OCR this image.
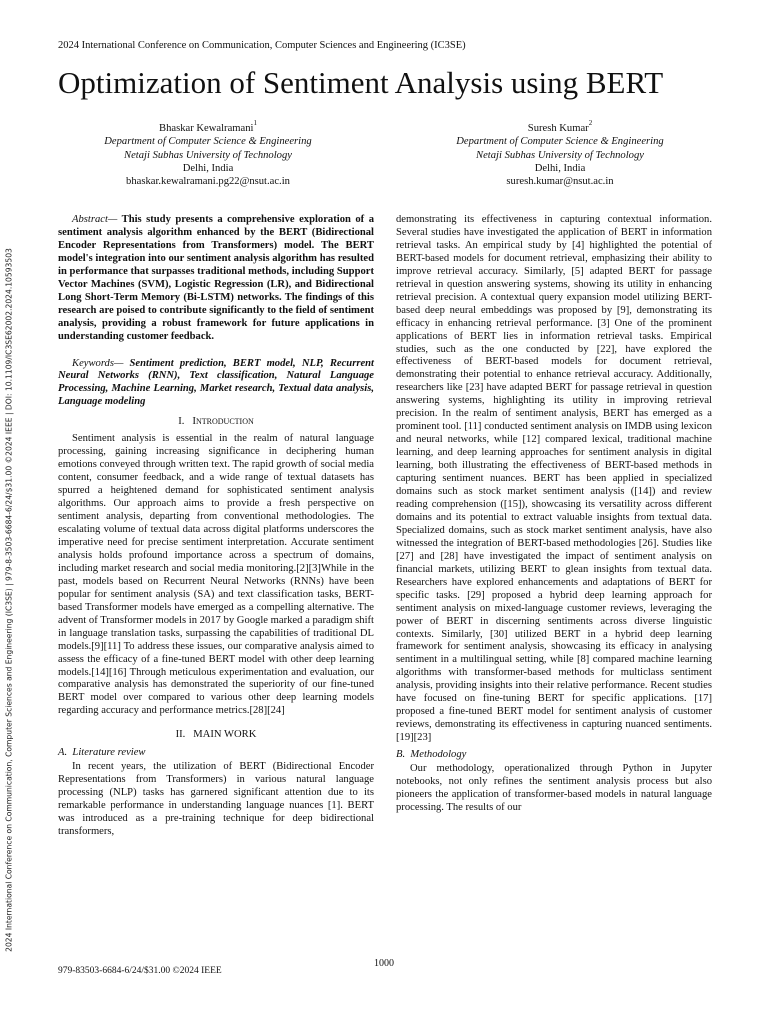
2024 International Conference on Communication, Computer Sciences and Engineering (IC3SE)
Optimization of Sentiment Analysis using BERT
Bhaskar Kewalramani$^1$
Department of Computer Science & Engineering
Netaji Subhas University of Technology
Delhi, India
bhaskar.kewalramani.pg22@nsut.ac.in
Suresh Kumar$^2$
Department of Computer Science & Engineering
Netaji Subhas University of Technology
Delhi, India
suresh.kumar@nsut.ac.in
2024 International Conference on Communication, Computer Sciences and Engineering (IC3SE) | 979-8-3503-6684-6/24/$31.00 ©2024 IEEE | DOI: 10.1109/IC3SE62002.2024.10593503

Abstract— This study presents a comprehensive exploration of a sentiment analysis algorithm enhanced by the BERT (Bidirectional Encoder Representations from Transformers) model. The BERT model's integration into our sentiment analysis algorithm has resulted in performance that surpasses traditional methods, including Support Vector Machines (SVM), Logistic Regression (LR), and Bidirectional Long Short-Term Memory (Bi-LSTM) networks. The findings of this research are poised to contribute significantly to the field of sentiment analysis, providing a robust framework for future applications in understanding customer feedback.

Keywords— Sentiment prediction, BERT model, NLP, Recurrent Neural Networks (RNN), Text classification, Natural Language Processing, Machine Learning, Market research, Textual data analysis, Language modeling

I. Introduction

Sentiment analysis is essential in the realm of natural language processing, gaining increasing significance in deciphering human emotions conveyed through written text. The rapid growth of social media content, consumer feedback, and a wide range of textual datasets has spurred a heightened demand for sophisticated sentiment analysis algorithms. Our approach aims to provide a fresh perspective on sentiment analysis, departing from conventional methodologies. The escalating volume of textual data across digital platforms underscores the imperative need for precise sentiment interpretation. Accurate sentiment analysis holds profound importance across a spectrum of domains, including market research and social media monitoring.[2][3]While in the past, models based on Recurrent Neural Networks (RNNs) have been popular for sentiment analysis (SA) and text classification tasks, BERT-based Transformer models have emerged as a compelling alternative. The advent of Transformer models in 2017 by Google marked a paradigm shift in language translation tasks, surpassing the capabilities of traditional DL models.[9][11] To address these issues, our comparative analysis aimed to assess the efficacy of a fine-tuned BERT model with other deep learning models.[14][16] Through meticulous experimentation and evaluation, our comparative analysis has demonstrated the superiority of our fine-tuned BERT model over compared to various other deep learning models regarding accuracy and performance metrics.[28][24]

II. MAIN WORK
A. Literature review

In recent years, the utilization of BERT (Bidirectional Encoder Representations from Transformers) in various natural language processing (NLP) tasks has garnered significant attention due to its remarkable performance in understanding language nuances [1]. BERT was introduced as a pre-training technique for deep bidirectional transformers,

demonstrating its effectiveness in capturing contextual information. Several studies have investigated the application of BERT in information retrieval tasks. An empirical study by [4] highlighted the potential of BERT-based models for document retrieval, emphasizing their ability to improve retrieval accuracy. Similarly, [5] adapted BERT for passage retrieval in question answering systems, showing its utility in enhancing retrieval precision. A contextual query expansion model utilizing BERT-based deep neural embeddings was proposed by [9], demonstrating its efficacy in enhancing retrieval performance. [3] One of the prominent applications of BERT lies in information retrieval tasks. Empirical studies, such as the one conducted by [22], have explored the effectiveness of BERT-based models for document retrieval, demonstrating their potential to enhance retrieval accuracy. Additionally, researchers like [23] have adapted BERT for passage retrieval in question answering systems, highlighting its utility in improving retrieval precision. In the realm of sentiment analysis, BERT has emerged as a prominent tool. [11] conducted sentiment analysis on IMDB using lexicon and neural networks, while [12] compared lexical, traditional machine learning, and deep learning approaches for sentiment analysis in digital learning, both illustrating the effectiveness of BERT-based methods in capturing sentiment nuances. BERT has been applied in specialized domains such as stock market sentiment analysis ([14]) and review reading comprehension ([15]), showcasing its versatility across different domains and its potential to extract valuable insights from textual data. Specialized domains, such as stock market sentiment analysis, have also witnessed the integration of BERT-based methodologies [26]. Studies like [27] and [28] have investigated the impact of sentiment analysis on financial markets, utilizing BERT to glean insights from textual data. Researchers have explored enhancements and adaptations of BERT for specific tasks. [29] proposed a hybrid deep learning approach for sentiment analysis on mixed-language customer reviews, leveraging the power of BERT in discerning sentiments across diverse linguistic contexts. Similarly, [30] utilized BERT in a hybrid deep learning framework for sentiment analysis, showcasing its efficacy in analysing sentiment in a multilingual setting, while [8] compared machine learning algorithms with transformer-based methods for multiclass sentiment analysis, providing insights into their relative performance. Recent studies have focused on fine-tuning BERT for specific applications. [17] proposed a fine-tuned BERT model for sentiment analysis of customer reviews, demonstrating its effectiveness in capturing nuanced sentiments.[19][23]

B. Methodology

Our methodology, operationalized through Python in Jupyter notebooks, not only refines the sentiment analysis process but also pioneers the application of transformer-based models in natural language processing. The results of our

1000
979-83503-6684-6/24/$31.00 ©2024 IEEE
